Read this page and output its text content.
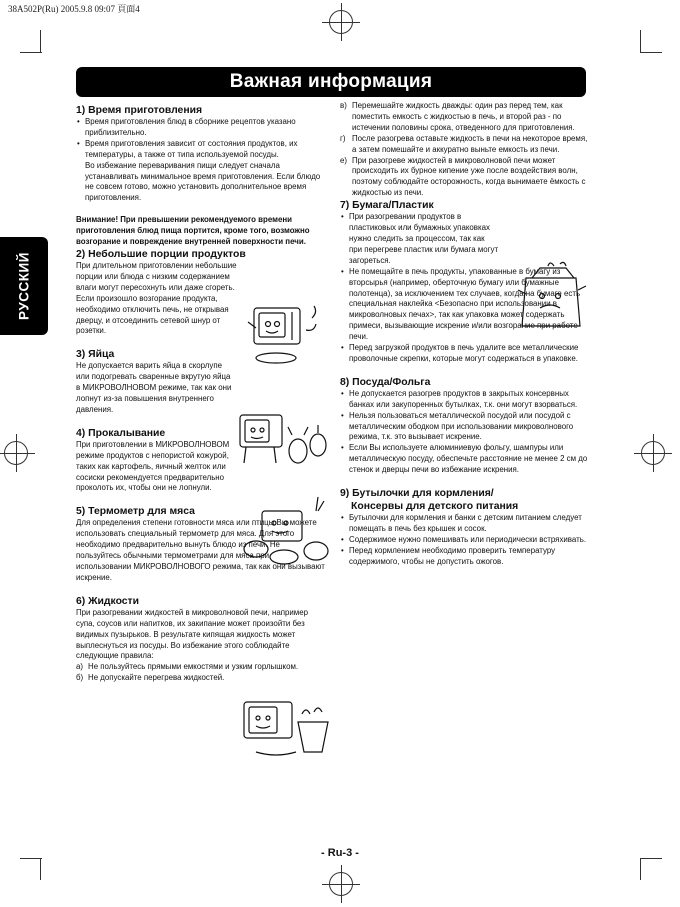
38A502P(Ru) 2005.9.8 09:07 頁面4
Важная информация
РУССКИЙ
1) Время приготовления
• Время приготовления блюд в сборнике рецептов указано приблизительно.
• Время приготовления зависит от состояния продуктов, их температуры, а также от типа используемой посуды.

Во избежание переваривания пищи следует сначала устанавливать минимальное время приготовления. Если блюдо не совсем готово, можно установить дополнительное время приготовления.

Внимание! При превышении рекомендуемого времени приготовления блюд пища портится, кроме того, возможно возгорание и повреждение внутренней поверхности печи.

2) Небольшие порции продуктов

При длительном приготовлении небольшие порции или блюда с низким содержанием влаги могут пересохнуть или даже сгореть. Если произошло возгорание продукта, необходимо отключить печь, не открывая дверцу, и отсоединить сетевой шнур от розетки.

3) Яйца

Не допускается варить яйца в скорлупе или подогревать сваренные вкрутую яйца в МИКРОВОЛНОВОМ режиме, так как они лопнут из-за повышения внутреннего давления.

4) Прокалывание

При приготовлении в МИКРОВОЛНОВОМ режиме продуктов с непористой кожурой, таких как картофель, яичный желток или сосиски рекомендуется предварительно проколоть их, чтобы они не лопнули.

5) Термометр для мяса

Для определения степени готовности мяса или птицы Вы можете использовать специальный термометр для мяса. Для этого необходимо предварительно вынуть блюдо из печи. Не пользуйтесь обычными термометрами для мяса при использовании МИКРОВОЛНОВОГО режима, так как они вызывают искрение.

6) Жидкости

При разогревании жидкостей в микроволновой печи, например супа, соусов или напитков, их закипание может произойти без видимых пузырьков. В результате кипящая жидкость может выплеснуться из посуды. Во избежание этого соблюдайте следующие правила:

а) Не пользуйтесь прямыми емкостями и узким горлышком.
б) Не допускайте перегрева жидкостей.
в) Перемешайте жидкость дважды: один раз перед тем, как поместить емкость с жидкостью в печь, и второй раз - по истечении половины срока, отведенного для приготовления.
г) После разогрева оставьте жидкость в печи на некоторое время, а затем помешайте и аккуратно выньте емкость из печи.
е) При разогреве жидкостей в микроволновой печи может происходить их бурное кипение уже после воздействия волн, поэтому соблюдайте осторожность, когда вынимаете ёмкость с жидкостью из печи.
7) Бумага/Пластик
• При разогревании продуктов в пластиковых или бумажных упаковках нужно следить за процессом, так как при перегреве пластик или бумага могут загореться.
• Не помещайте в печь продукты, упакованные в бумагу из вторсырья (например, оберточную бумагу или бумажные полотенца), за исключением тех случаев, когда на бумаге есть специальная наклейка <Безопасно при использовании в микроволновых печах>, так как упаковка может содержать примеси, вызывающие искрение и/или возгорание при работе печи.
• Перед загрузкой продуктов в печь удалите все металлические проволочные скрепки, которые могут содержаться в упаковке.
8) Посуда/Фольга
• Не допускается разогрев продуктов в закрытых консервных банках или закупоренных бутылках, т.к. они могут взорваться.
• Нельзя пользоваться металлической посудой или посудой с металлическим ободком при использовании микроволнового режима, т.к. это вызывает искрение.
• Если Вы используете алюминиевую фольгу, шампуры или металлическую посуду, обеспечьте расстояние не менее 2 см до стенок и дверцы печи во избежание искрения.
9) Бутылочки для кормления/
Консервы для детского питания
• Бутылочки для кормления и банки с детским питанием следует помещать в печь без крышек и сосок.
• Содержимое нужно помешивать или периодически встряхивать.
• Перед кормлением необходимо проверить температуру содержимого, чтобы не допустить ожогов.
- Ru-3 -
